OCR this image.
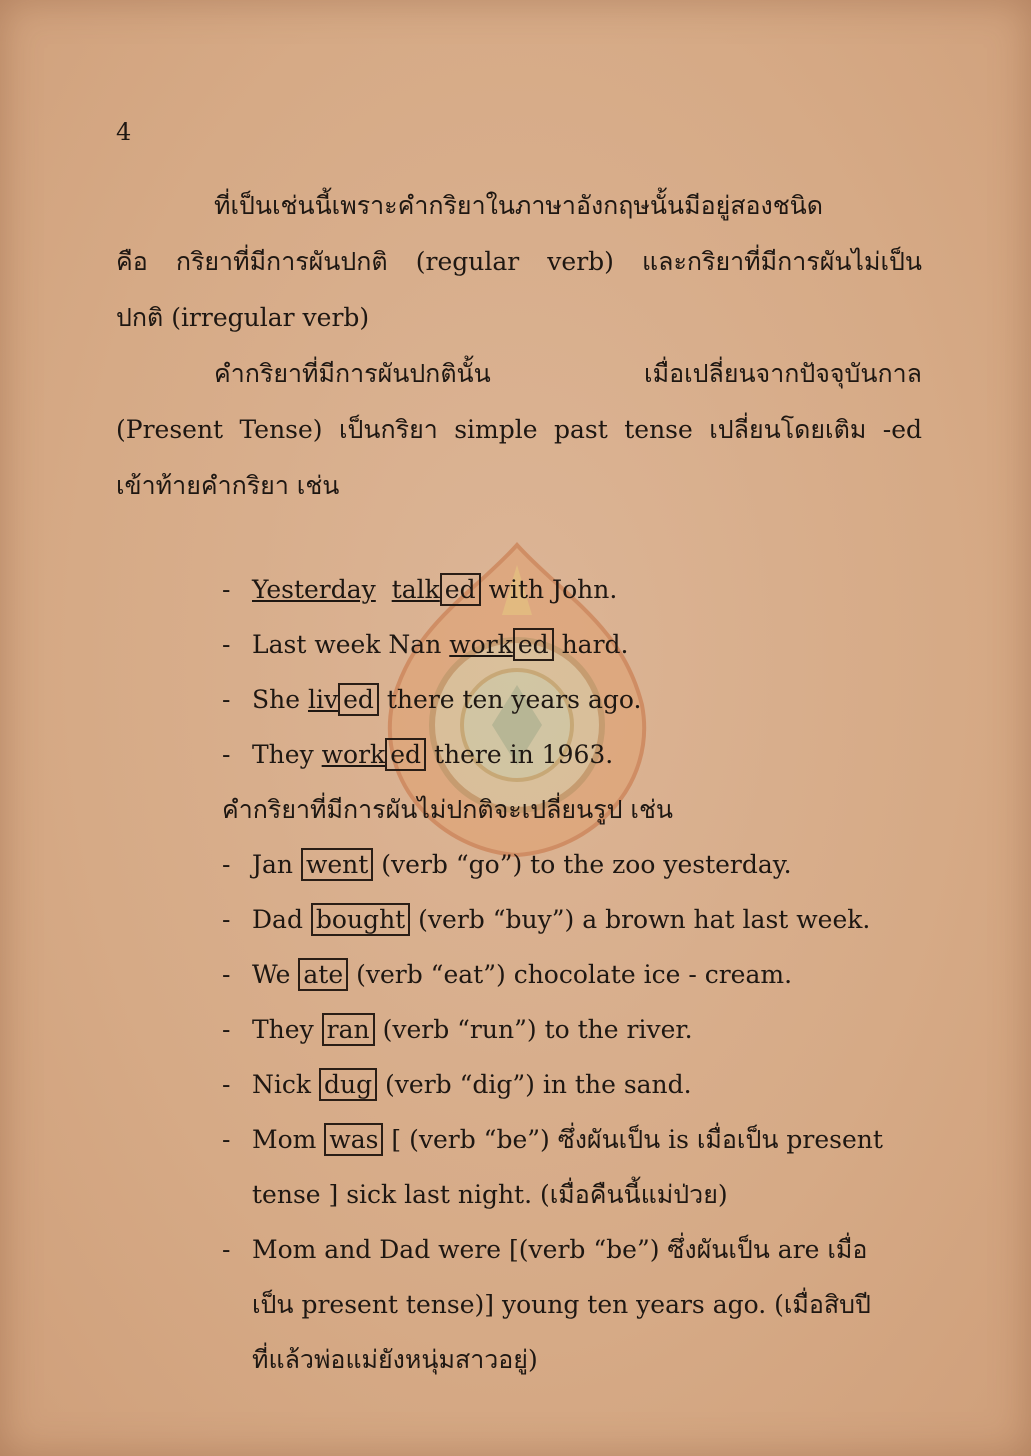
4

ที่เป็นเช่นนี้เพราะคำกริยาในภาษาอังกฤษนั้นมีอยู่สองชนิด

คือ กริยาที่มีการผันปกติ (regular verb) และกริยาที่มีการผันไม่เป็น

ปกติ (irregular verb)

คำกริยาที่มีการผันปกตินั้น เมื่อเปลี่ยนจากปัจจุบันกาล

(Present Tense) เป็นกริยา simple past tense เปลี่ยนโดยเติม -ed

เข้าท้ายคำกริยา เช่น

- Yesterday talk ed with John.

- Last week Nan work ed hard.

- She liv ed there ten years ago.

- They work ed there in 1963.

คำกริยาที่มีการผันไม่ปกติจะเปลี่ยนรูป เช่น

- Jan went (verb “go”) to the zoo yesterday.

- Dad bought (verb “buy”) a brown hat last week.

- We ate (verb “eat”) chocolate ice - cream.

- They ran (verb “run”) to the river.

- Nick dug (verb “dig”) in the sand.

- Mom was [ (verb “be”) ซึ่งผันเป็น is เมื่อเป็น present

tense ] sick last night. (เมื่อคืนนี้แม่ป่วย)

- Mom and Dad were [(verb “be”) ซึ่งผันเป็น are เมื่อ

เป็น present tense)] young ten years ago. (เมื่อสิบปี

ที่แล้วพ่อแม่ยังหนุ่มสาวอยู่)
